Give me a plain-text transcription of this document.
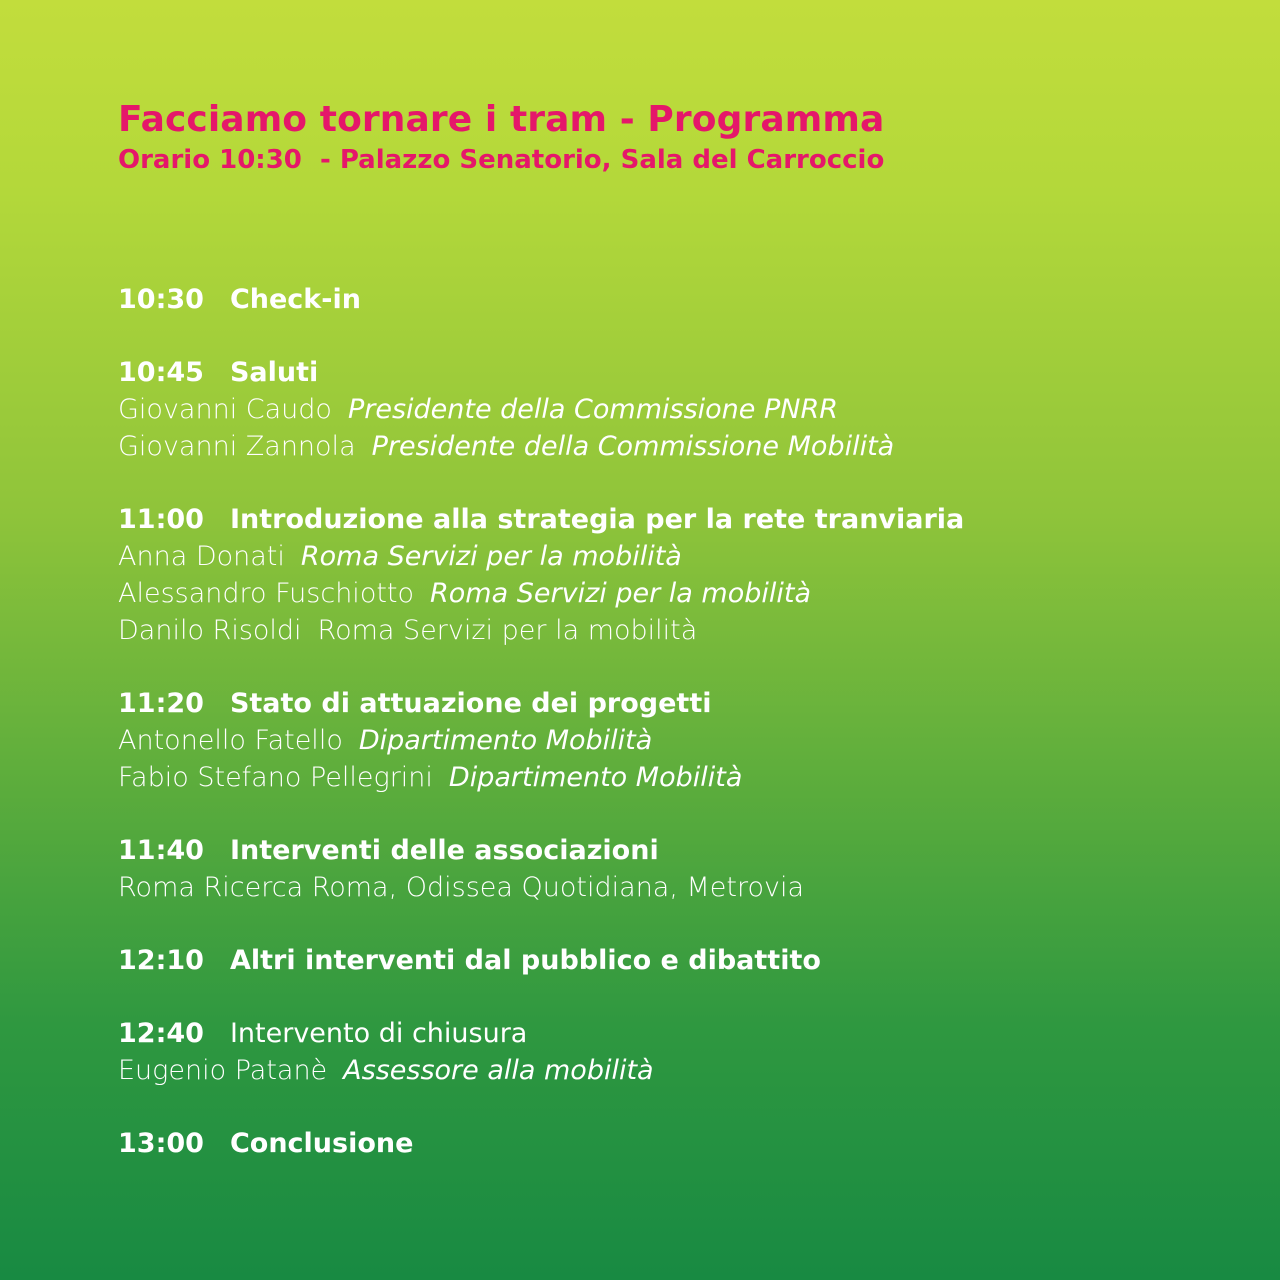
Facciamo tornare i tram - Programma
Orario 10:30  - Palazzo Senatorio, Sala del Carroccio
10:30 Check-in
10:45 Saluti
Giovanni Caudo Presidente della Commissione PNRR
Giovanni Zannola Presidente della Commissione Mobilità
11:00 Introduzione alla strategia per la rete tranviaria
Anna Donati Roma Servizi per la mobilità
Alessandro Fuschiotto Roma Servizi per la mobilità
Danilo Risoldi Roma Servizi per la mobilità
11:20 Stato di attuazione dei progetti
Antonello Fatello Dipartimento Mobilità
Fabio Stefano Pellegrini Dipartimento Mobilità
11:40 Interventi delle associazioni
Roma Ricerca Roma, Odissea Quotidiana, Metrovia
12:10 Altri interventi dal pubblico e dibattito
12:40 Intervento di chiusura
Eugenio Patanè Assessore alla mobilità
13:00 Conclusione
